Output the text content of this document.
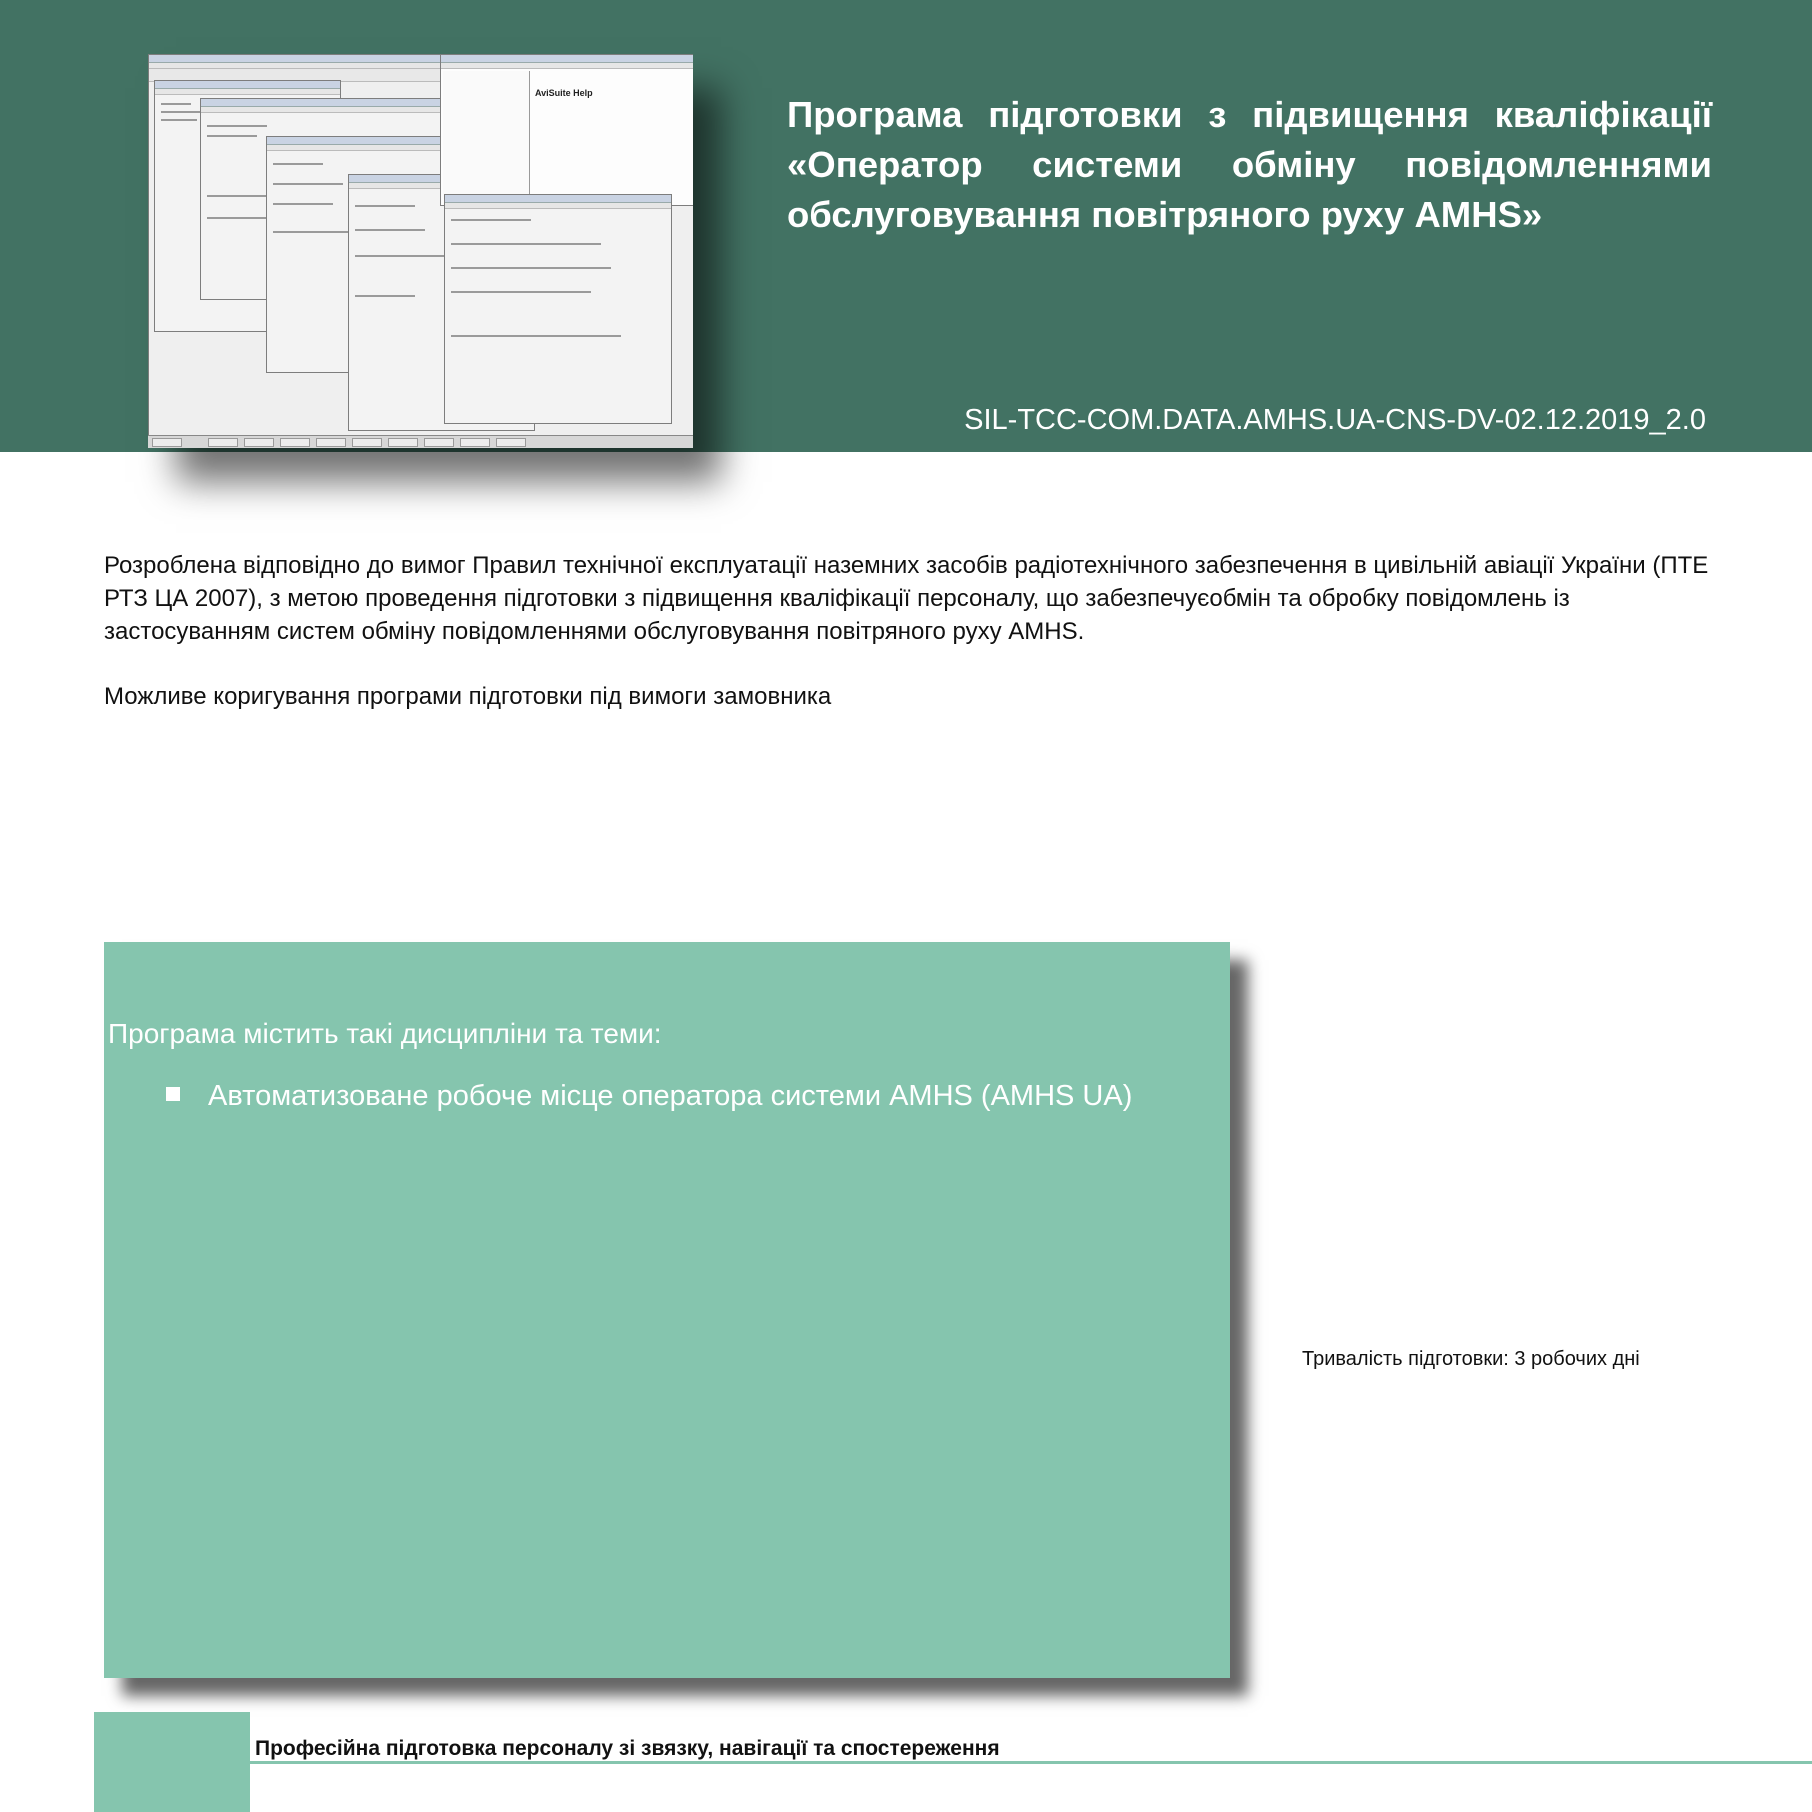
AviSuite Help
Програма підготовки з підвищення кваліфікації
«Оператор системи обміну повідомленнями
обслуговування повітряного руху AMHS»
SIL-TCC-COM.DATA.AMHS.UA-CNS-DV-02.12.2019_2.0

Розроблена відповідно до вимог Правил технічної експлуатації наземних засобів радіотехнічного забезпечення в цивільній авіації України (ПТЕ РТЗ ЦА 2007), з метою проведення підготовки з підвищення кваліфікації персоналу, що забезпечуєобмін та обробку повідомлень із застосуванням систем обміну повідомленнями обслуговування повітряного руху AMHS.

Можливе коригування програми підготовки під вимоги замовника

Програма містить такі дисципліни та теми:
Автоматизоване робоче місце оператора системи AMHS (AMHS UA)
Тривалість підготовки: 3 робочих дні
Професійна підготовка персоналу зі звязку, навігації та спостереження
